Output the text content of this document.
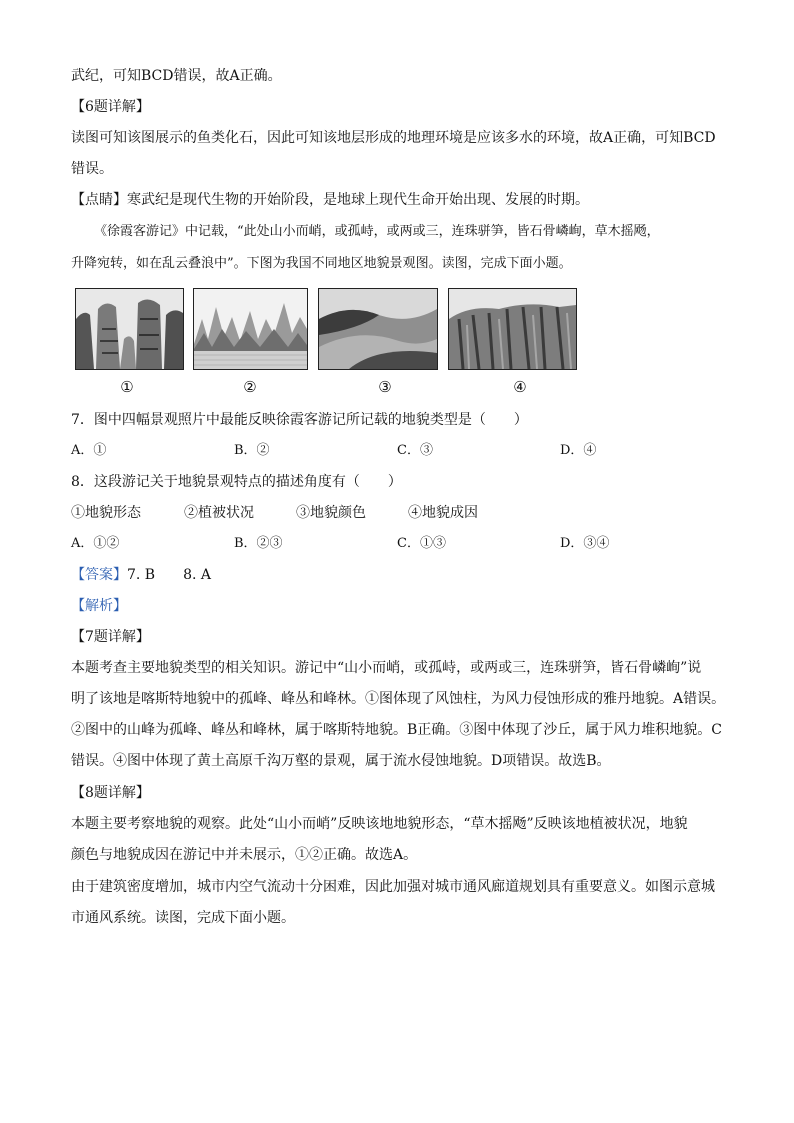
武纪，可知BCD错误，故A正确。
【6题详解】
读图可知该图展示的鱼类化石，因此可知该地层形成的地理环境是应该多水的环境，故A正确，可知BCD
错误。
【点睛】寒武纪是现代生物的开始阶段，是地球上现代生命开始出现、发展的时期。
《徐霞客游记》中记载，“此处山小而峭，或孤峙，或两或三，连珠骈笋，皆石骨嶙峋，草木摇飏，
升降宛转，如在乱云叠浪中”。下图为我国不同地区地貌景观图。读图，完成下面小题。
①	②	③	④
7．图中四幅景观照片中最能反映徐霞客游记所记载的地貌类型是（　　）
A．①	B．②	C．③	D．④
8．这段游记关于地貌景观特点的描述角度有（　　）
①地貌形态	②植被状况	③地貌颜色	④地貌成因
A．①②	B．②③	C．①③	D．③④
【答案】7. B　　8. A
【解析】
【7题详解】
本题考查主要地貌类型的相关知识。游记中“山小而峭，或孤峙，或两或三，连珠骈笋，皆石骨嶙峋”说
明了该地是喀斯特地貌中的孤峰、峰丛和峰林。①图体现了风蚀柱，为风力侵蚀形成的雅丹地貌。A错误。
②图中的山峰为孤峰、峰丛和峰林，属于喀斯特地貌。B正确。③图中体现了沙丘，属于风力堆积地貌。C
错误。④图中体现了黄土高原千沟万壑的景观，属于流水侵蚀地貌。D项错误。故选B。
【8题详解】
本题主要考察地貌的观察。此处“山小而峭”反映该地地貌形态，“草木摇飏”反映该地植被状况，地貌
颜色与地貌成因在游记中并未展示，①②正确。故选A。
由于建筑密度增加，城市内空气流动十分困难，因此加强对城市通风廊道规划具有重要意义。如图示意城
市通风系统。读图，完成下面小题。
